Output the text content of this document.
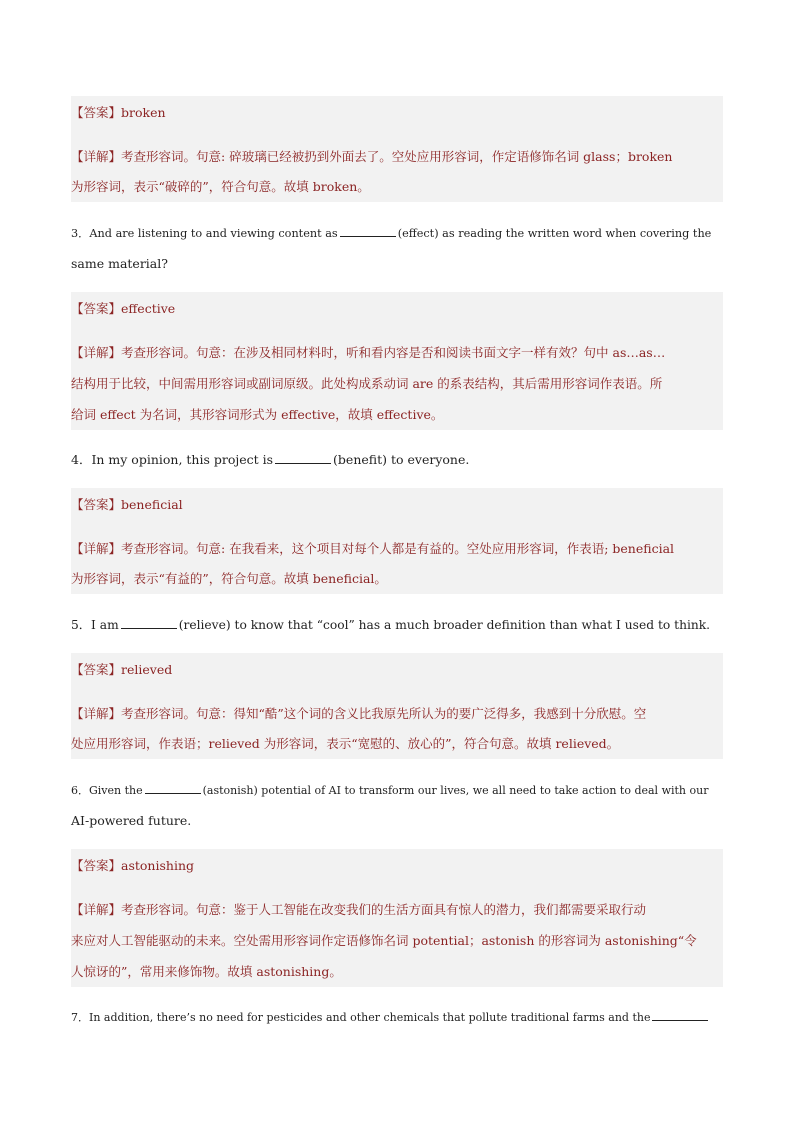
【答案】broken
【详解】考查形容词。句意: 碎玻璃已经被扔到外面去了。空处应用形容词，作定语修饰名词 glass；broken
为形容词，表示“破碎的”，符合句意。故填 broken。
3．And are listening to and viewing content as	(effect) as reading the written word when covering the
same material?
【答案】effective
【详解】考查形容词。句意：在涉及相同材料时，听和看内容是否和阅读书面文字一样有效？句中 as…as…
结构用于比较，中间需用形容词或副词原级。此处构成系动词 are 的系表结构，其后需用形容词作表语。所
给词 effect 为名词，其形容词形式为 effective，故填 effective。
4．In my opinion, this project is	(benefit) to everyone.
【答案】beneficial
【详解】考查形容词。句意: 在我看来，这个项目对每个人都是有益的。空处应用形容词，作表语; beneficial
为形容词，表示“有益的”，符合句意。故填 beneficial。
5．I am	(relieve) to know that “cool” has a much broader definition than what I used to think.
【答案】relieved
【详解】考查形容词。句意：得知“酷”这个词的含义比我原先所认为的要广泛得多，我感到十分欣慰。空
处应用形容词，作表语；relieved 为形容词，表示“宽慰的、放心的”，符合句意。故填 relieved。
6．Given the	(astonish) potential of AI to transform our lives, we all need to take action to deal with our
AI-powered future.
【答案】astonishing
【详解】考查形容词。句意：鉴于人工智能在改变我们的生活方面具有惊人的潜力，我们都需要采取行动
来应对人工智能驱动的未来。空处需用形容词作定语修饰名词 potential；astonish 的形容词为 astonishing“令
人惊讶的”，常用来修饰物。故填 astonishing。
7．In addition, there’s no need for pesticides and other chemicals that pollute traditional farms and the
